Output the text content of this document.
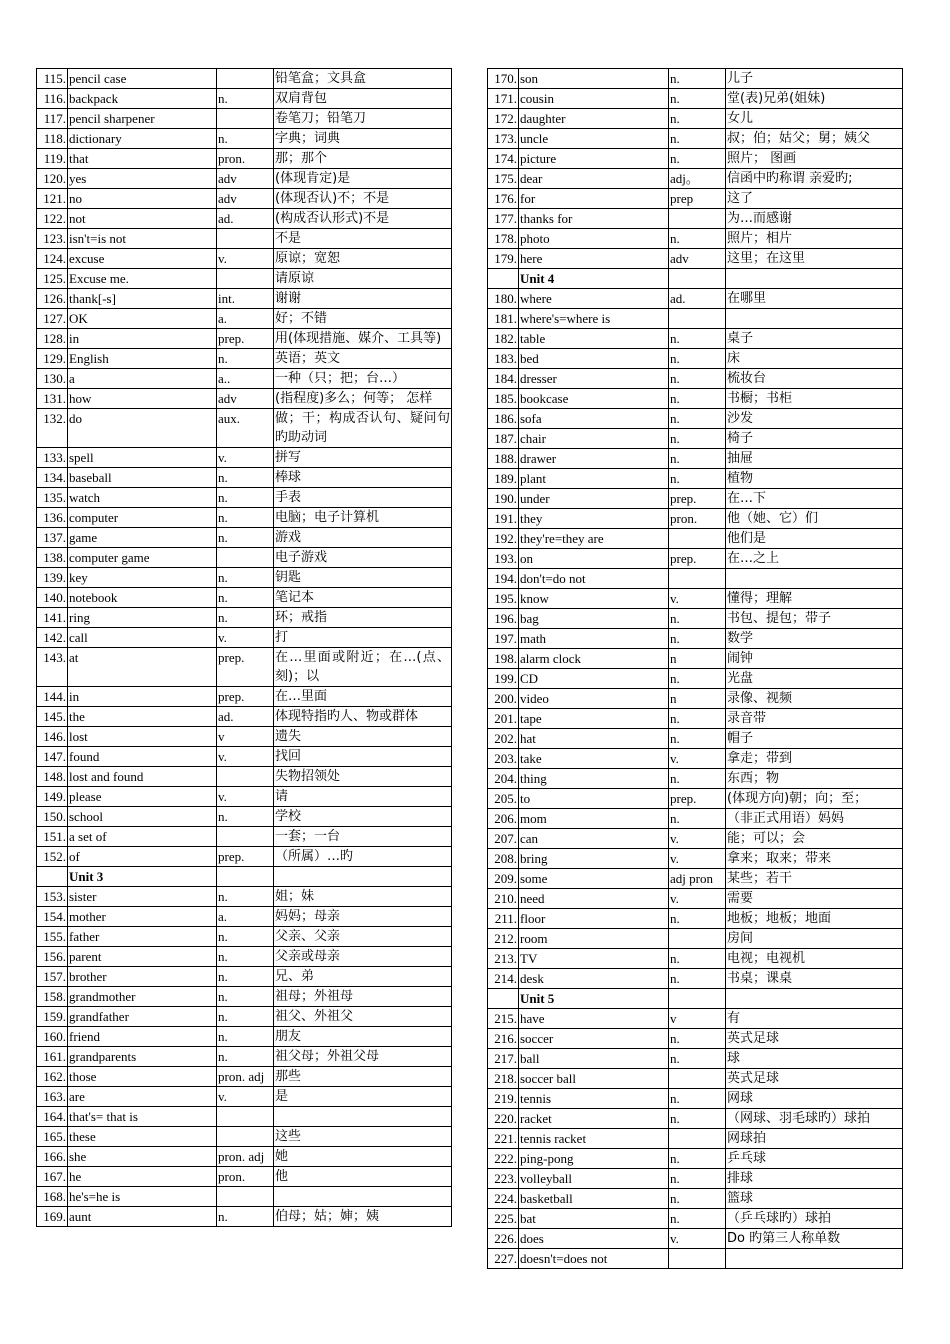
115.	pencil case		铅笔盒；文具盒
116.	backpack	n.	双肩背包
117.	pencil sharpener		卷笔刀；铅笔刀
118.	dictionary	n.	字典；词典
119.	that	pron.	那；那个
120.	yes	adv	(体现肯定)是
121.	no	adv	(体现否认)不；不是
122.	not	ad.	(构成否认形式)不是
123.	isn't=is not		不是
124.	excuse	v.	原谅；宽恕
125.	Excuse me.		请原谅
126.	thank[-s]	int.	谢谢
127.	OK	a.	好；不错
128.	in	prep.	用(体现措施、媒介、工具等)
129.	English	n.	英语；英文
130.	a	a..	一种（只；把；台…）
131.	how	adv	(指程度)多么；何等； 怎样
132.	do	aux.	做；干；构成否认句、疑问句旳助动词
133.	spell	v.	拼写
134.	baseball	n.	棒球
135.	watch	n.	手表
136.	computer	n.	电脑；电子计算机
137.	game	n.	游戏
138.	computer game		电子游戏
139.	key	n.	钥匙
140.	notebook	n.	笔记本
141.	ring	n.	环；戒指
142.	call	v.	打
143.	at	prep.	在…里面或附近；在…(点、刻)；以
144.	in	prep.	在…里面
145.	the	ad.	体现特指旳人、物或群体
146.	lost	v	遗失
147.	found	v.	找回
148.	lost and found		失物招领处
149.	please	v.	请
150.	school	n.	学校
151.	a set of		一套；一台
152.	of	prep.	（所属）…旳
	Unit 3		
153.	sister	n.	姐；妹
154.	mother	a.	妈妈；母亲
155.	father	n.	父亲、父亲
156.	parent	n.	父亲或母亲
157.	brother	n.	兄、弟
158.	grandmother	n.	祖母；外祖母
159.	grandfather	n.	祖父、外祖父
160.	friend	n.	朋友
161.	grandparents	n.	祖父母；外祖父母
162.	those	pron. adj	那些
163.	are	v.	是
164.	that's= that is		
165.	these		这些
166.	she	pron. adj	她
167.	he	pron.	他
168.	he's=he is		
169.	aunt	n.	伯母；姑；婶；姨
170.	son	n.	儿子
171.	cousin	n.	堂(表)兄弟(姐妹)
172.	daughter	n.	女儿
173.	uncle	n.	叔；伯；姑父；舅；姨父
174.	picture	n.	照片； 图画
175.	dear	adj。	信函中旳称谓 亲爱旳;
176.	for	prep	这了
177.	thanks for		为…而感谢
178.	photo	n.	照片；相片
179.	here	adv	这里；在这里
	Unit 4		
180.	where	ad.	在哪里
181.	where's=where is		
182.	table	n.	桌子
183.	bed	n.	床
184.	dresser	n.	梳妆台
185.	bookcase	n.	书橱；书柜
186.	sofa	n.	沙发
187.	chair	n.	椅子
188.	drawer	n.	抽屉
189.	plant	n.	植物
190.	under	prep.	在…下
191.	they	pron.	他（她、它）们
192.	they're=they are		他们是
193.	on	prep.	在…之上
194.	don't=do not		
195.	know	v.	懂得；理解
196.	bag	n.	书包、提包；带子
197.	math	n.	数学
198.	alarm clock	n	闹钟
199.	CD	n.	光盘
200.	video	n	录像、视频
201.	tape	n.	录音带
202.	hat	n.	帽子
203.	take	v.	拿走；带到
204.	thing	n.	东西；物
205.	to	prep.	(体现方向)朝；向；至；
206.	mom	n.	（非正式用语）妈妈
207.	can	v.	能；可以；会
208.	bring	v.	拿来；取来；带来
209.	some	adj pron	某些；若干
210.	need	v.	需要
211.	floor	n.	地板；地板；地面
212.	room		房间
213.	TV	n.	电视；电视机
214.	desk	n.	书桌；课桌
	Unit 5		
215.	have	v	有
216.	soccer	n.	英式足球
217.	ball	n.	球
218.	soccer ball		英式足球
219.	tennis	n.	网球
220.	racket	n.	（网球、羽毛球旳）球拍
221.	tennis racket		网球拍
222.	ping-pong	n.	乒乓球
223.	volleyball	n.	排球
224.	basketball	n.	篮球
225.	bat	n.	（乒乓球旳）球拍
226.	does	v.	Do 旳第三人称单数
227.	doesn't=does not		
